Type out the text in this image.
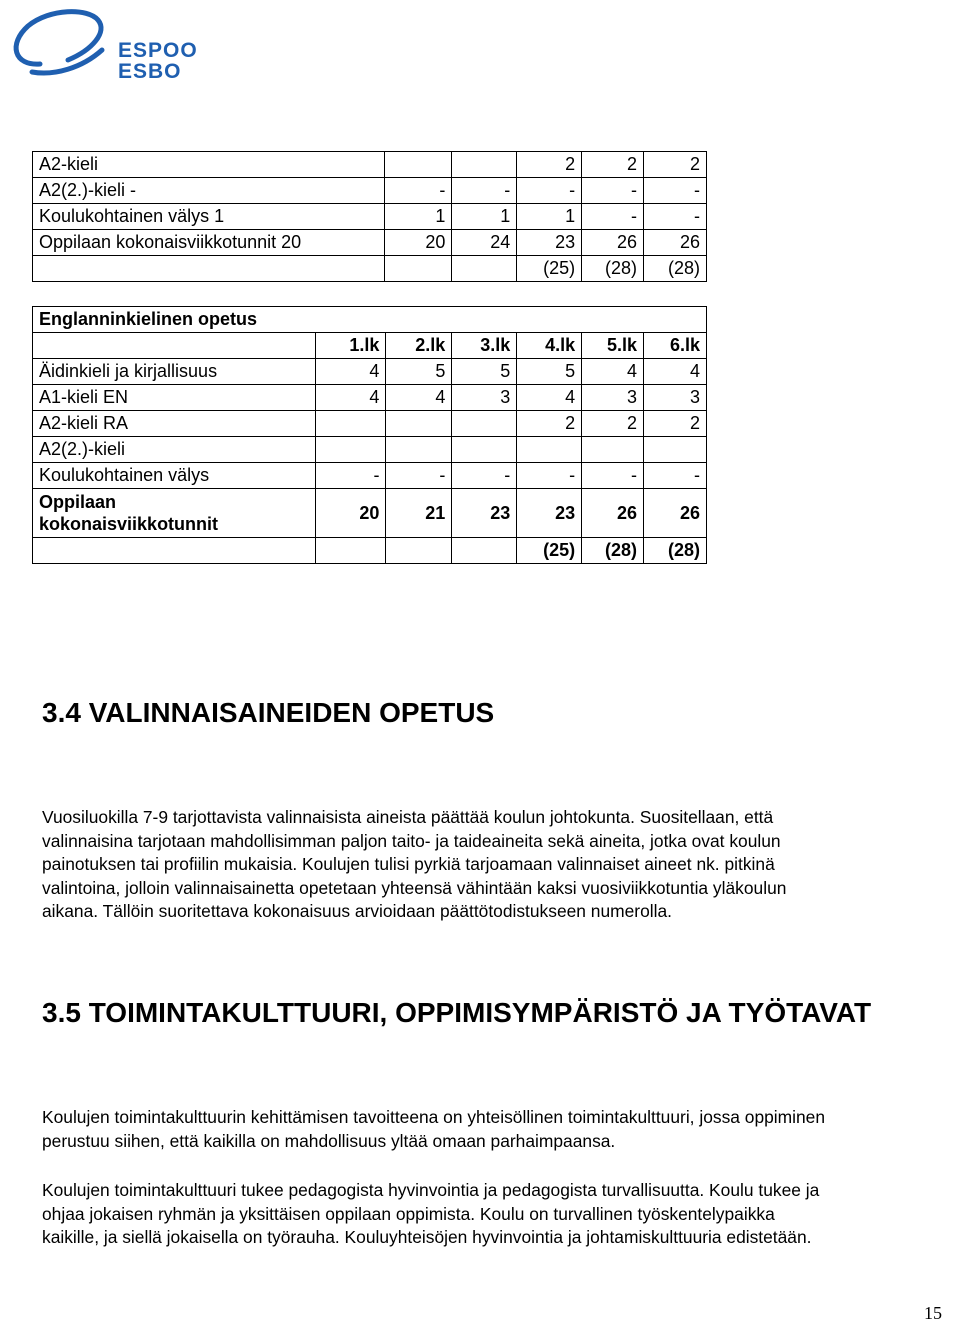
ESPOO
ESBO
A2-kieli			2	2	2
A2(2.)-kieli -	-	-	-	-	-
Koulukohtainen välys 1	1	1	1	-	-
Oppilaan kokonaisviikkotunnit 20	20	24	23	26	26
			(25)	(28)	(28)
Englanninkielinen opetus						
	1.lk	2.lk	3.lk	4.lk	5.lk	6.lk
Äidinkieli ja kirjallisuus	4	5	5	5	4	4
A1-kieli EN	4	4	3	4	3	3
A2-kieli RA				2	2	2
A2(2.)-kieli						
Koulukohtainen välys	-	-	-	-	-	-

Oppilaan
kokonaisviikkotunnit	20	21	23	23	26	26
				(25)	(28)	(28)
3.4 VALINNAISAINEIDEN OPETUS
Vuosiluokilla 7-9 tarjottavista valinnaisista aineista päättää koulun johtokunta. Suositellaan, että
valinnaisina tarjotaan mahdollisimman paljon taito- ja taideaineita sekä aineita, jotka ovat koulun
painotuksen tai profiilin mukaisia. Koulujen tulisi pyrkiä tarjoamaan valinnaiset aineet nk. pitkinä
valintoina, jolloin valinnaisainetta opetetaan yhteensä vähintään kaksi vuosiviikkotuntia yläkoulun
aikana. Tällöin suoritettava kokonaisuus arvioidaan päättötodistukseen numerolla.
3.5 TOIMINTAKULTTUURI, OPPIMISYMPÄRISTÖ JA TYÖTAVAT
Koulujen toimintakulttuurin kehittämisen tavoitteena on yhteisöllinen toimintakulttuuri, jossa oppiminen
perustuu siihen, että kaikilla on mahdollisuus yltää omaan parhaimpaansa.
Koulujen toimintakulttuuri tukee pedagogista hyvinvointia ja pedagogista turvallisuutta. Koulu tukee ja
ohjaa jokaisen ryhmän ja yksittäisen oppilaan oppimista. Koulu on turvallinen työskentelypaikka
kaikille, ja siellä jokaisella on työrauha. Kouluyhteisöjen hyvinvointia ja johtamiskulttuuria edistetään.
15
